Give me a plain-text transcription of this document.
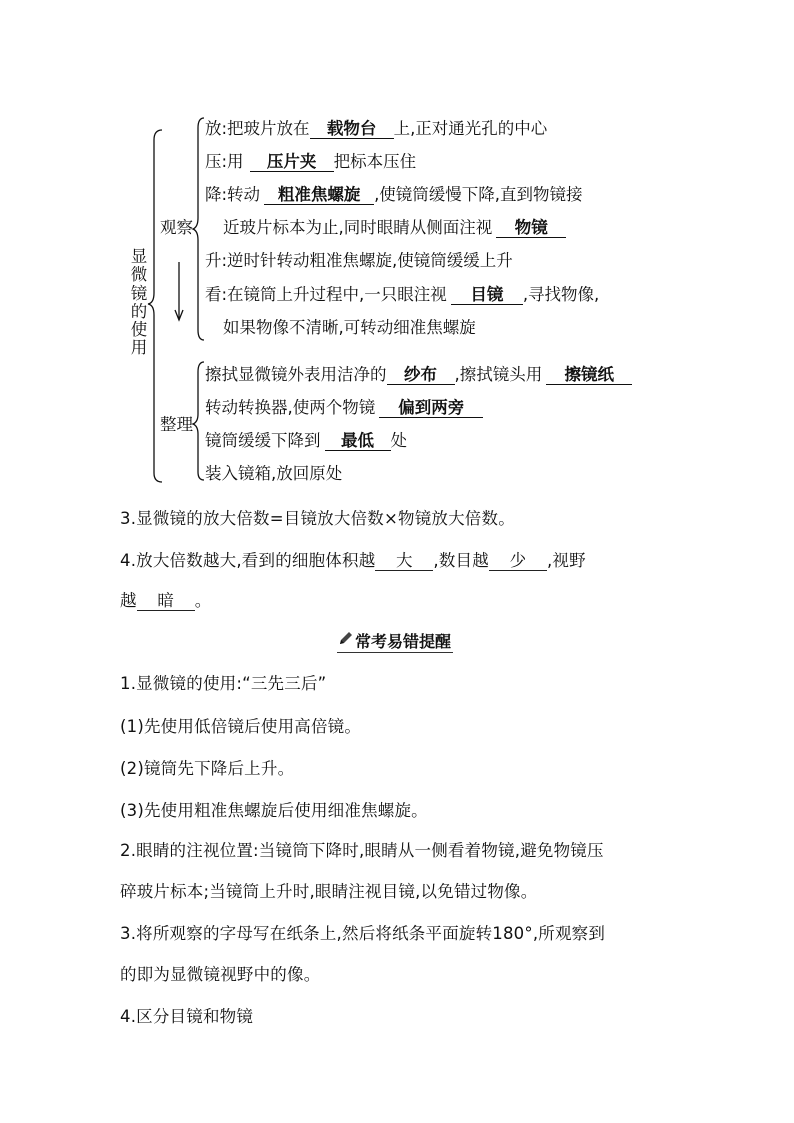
显
微
镜
的
使
用
观察
整理
放:把玻片放在 载物台 上,正对通光孔的中心
压:用 压片夹 把标本压住
降:转动 粗准焦螺旋 ,使镜筒缓慢下降,直到物镜接
近玻片标本为止,同时眼睛从侧面注视 物镜
升:逆时针转动粗准焦螺旋,使镜筒缓缓上升
看:在镜筒上升过程中,一只眼注视 目镜 ,寻找物像,
如果物像不清晰,可转动细准焦螺旋
擦拭显微镜外表用洁净的 纱布 ,擦拭镜头用 擦镜纸
转动转换器,使两个物镜 偏到两旁
镜筒缓缓下降到 最低 处
装入镜箱,放回原处
3.显微镜的放大倍数=目镜放大倍数×物镜放大倍数。
4.放大倍数越大,看到的细胞体积越 大 ,数目越 少 ,视野
越 暗 。
常考易错提醒
1.显微镜的使用:“三先三后”
(1)先使用低倍镜后使用高倍镜。
(2)镜筒先下降后上升。
(3)先使用粗准焦螺旋后使用细准焦螺旋。
2.眼睛的注视位置:当镜筒下降时,眼睛从一侧看着物镜,避免物镜压
碎玻片标本;当镜筒上升时,眼睛注视目镜,以免错过物像。
3.将所观察的字母写在纸条上,然后将纸条平面旋转180°,所观察到
的即为显微镜视野中的像。
4.区分目镜和物镜
